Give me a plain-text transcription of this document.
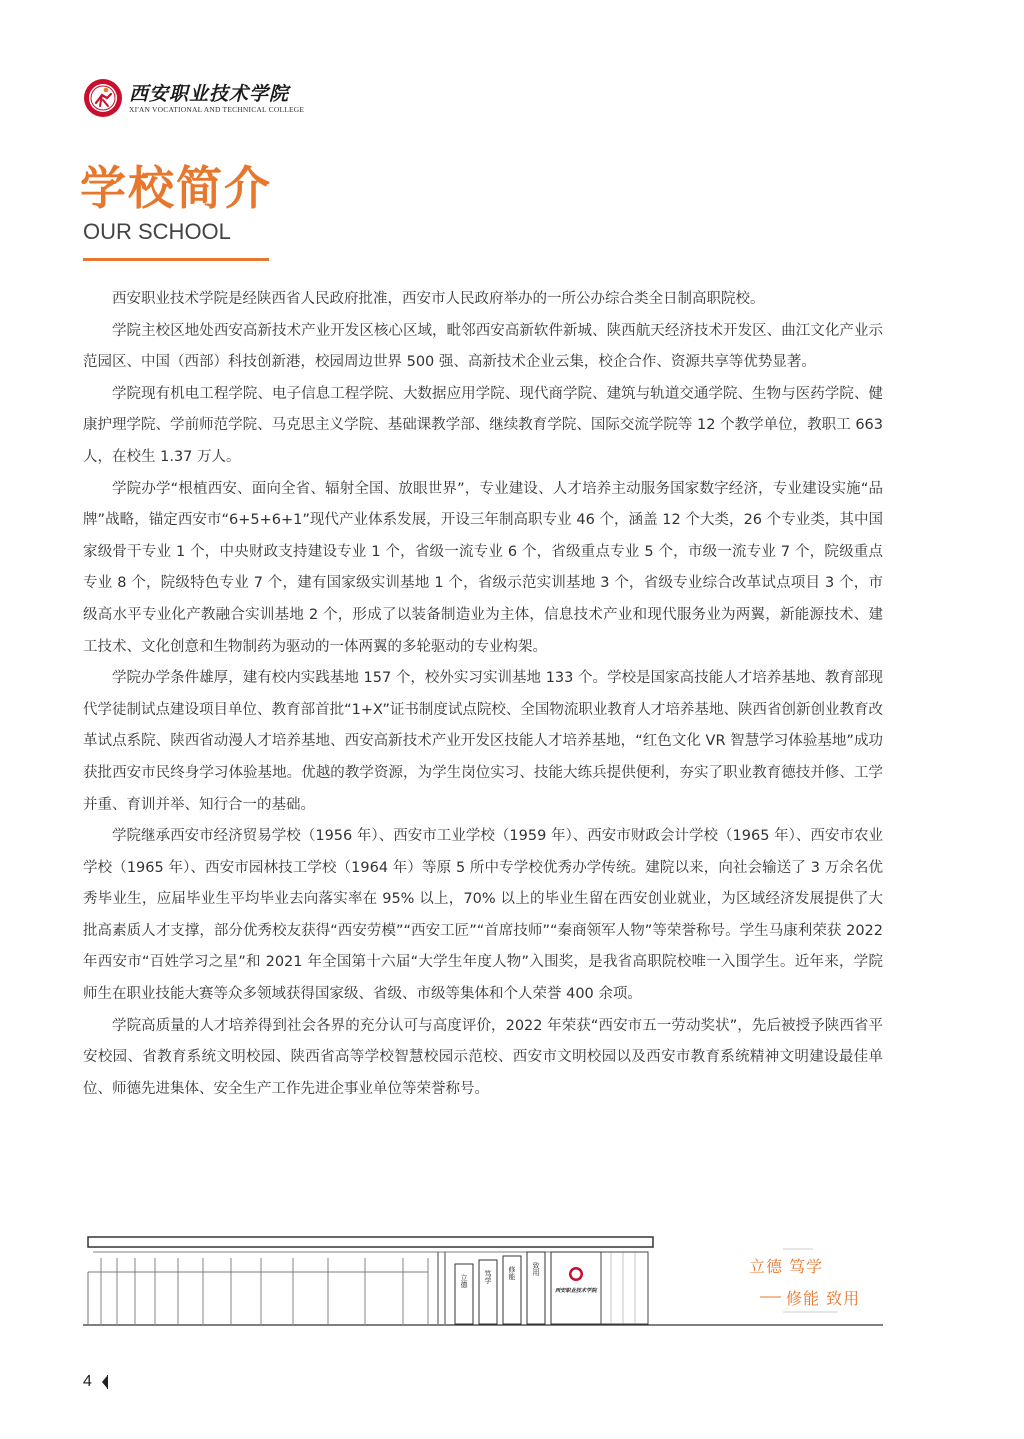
西安职业技术学院
XI'AN VOCATIONAL AND TECHNICAL COLLEGE
学校简介
OUR SCHOOL

西安职业技术学院是经陕西省人民政府批准，西安市人民政府举办的一所公办综合类全日制高职院校。

学院主校区地处西安高新技术产业开发区核心区域，毗邻西安高新软件新城、陕西航天经济技术开发区、曲江文化产业示范园区、中国（西部）科技创新港，校园周边世界 500 强、高新技术企业云集，校企合作、资源共享等优势显著。

学院现有机电工程学院、电子信息工程学院、大数据应用学院、现代商学院、建筑与轨道交通学院、生物与医药学院、健康护理学院、学前师范学院、马克思主义学院、基础课教学部、继续教育学院、国际交流学院等 12 个教学单位，教职工 663 人，在校生 1.37 万人。

学院办学“根植西安、面向全省、辐射全国、放眼世界”，专业建设、人才培养主动服务国家数字经济，专业建设实施“品牌”战略，锚定西安市“6+5+6+1”现代产业体系发展，开设三年制高职专业 46 个，涵盖 12 个大类，26 个专业类，其中国家级骨干专业 1 个，中央财政支持建设专业 1 个，省级一流专业 6 个，省级重点专业 5 个，市级一流专业 7 个，院级重点专业 8 个，院级特色专业 7 个，建有国家级实训基地 1 个，省级示范实训基地 3 个，省级专业综合改革试点项目 3 个，市级高水平专业化产教融合实训基地 2 个，形成了以装备制造业为主体，信息技术产业和现代服务业为两翼，新能源技术、建工技术、文化创意和生物制药为驱动的一体两翼的多轮驱动的专业构架。

学院办学条件雄厚，建有校内实践基地 157 个，校外实习实训基地 133 个。学校是国家高技能人才培养基地、教育部现代学徒制试点建设项目单位、教育部首批“1+X”证书制度试点院校、全国物流职业教育人才培养基地、陕西省创新创业教育改革试点系院、陕西省动漫人才培养基地、西安高新技术产业开发区技能人才培养基地，“红色文化 VR 智慧学习体验基地”成功获批西安市民终身学习体验基地。优越的教学资源，为学生岗位实习、技能大练兵提供便利，夯实了职业教育德技并修、工学并重、育训并举、知行合一的基础。

学院继承西安市经济贸易学校（1956 年）、西安市工业学校（1959 年）、西安市财政会计学校（1965 年）、西安市农业学校（1965 年）、西安市园林技工学校（1964 年）等原 5 所中专学校优秀办学传统。建院以来，向社会输送了 3 万余名优秀毕业生，应届毕业生平均毕业去向落实率在 95% 以上，70% 以上的毕业生留在西安创业就业，为区域经济发展提供了大批高素质人才支撑，部分优秀校友获得“西安劳模”“西安工匠”“首席技师”“秦商领军人物”等荣誉称号。学生马康利荣获 2022 年西安市“百姓学习之星”和 2021 年全国第十六届“大学生年度人物”入围奖，是我省高职院校唯一入围学生。近年来，学院师生在职业技能大赛等众多领域获得国家级、省级、市级等集体和个人荣誉 400 余项。

学院高质量的人才培养得到社会各界的充分认可与高度评价，2022 年荣获“西安市五一劳动奖状”，先后被授予陕西省平安校园、省教育系统文明校园、陕西省高等学校智慧校园示范校、西安市文明校园以及西安市教育系统精神文明建设最佳单位、师德先进集体、安全生产工作先进企事业单位等荣誉称号。

立德 笃学 修能 致用
西安职业技术学院
立德 笃学
修能 致用
4
